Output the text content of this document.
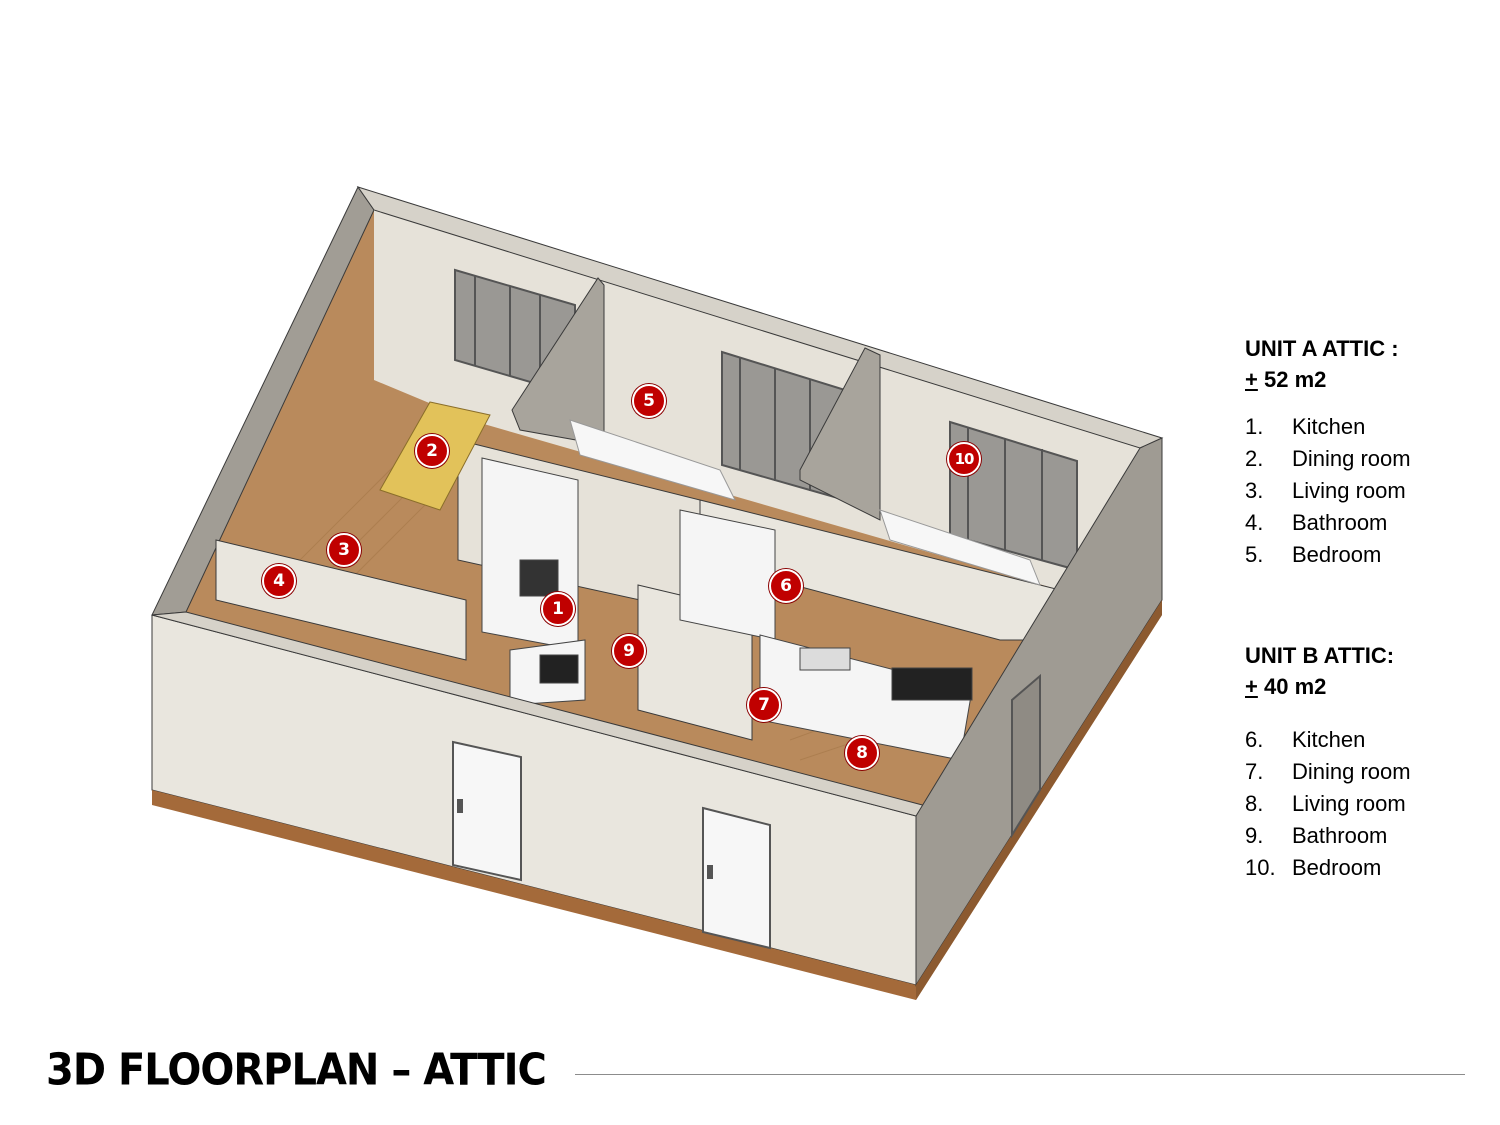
1
2
3
4
5
6
7
8
9
10
UNIT A ATTIC :
+ 52 m2
1.	Kitchen
2.	Dining room
3.	Living room
4.	Bathroom
5.	Bedroom
UNIT B ATTIC:
+ 40 m2
6.	Kitchen
7.	Dining room
8.	Living room
9.	Bathroom
10. Bedroom
3D FLOORPLAN – ATTIC
